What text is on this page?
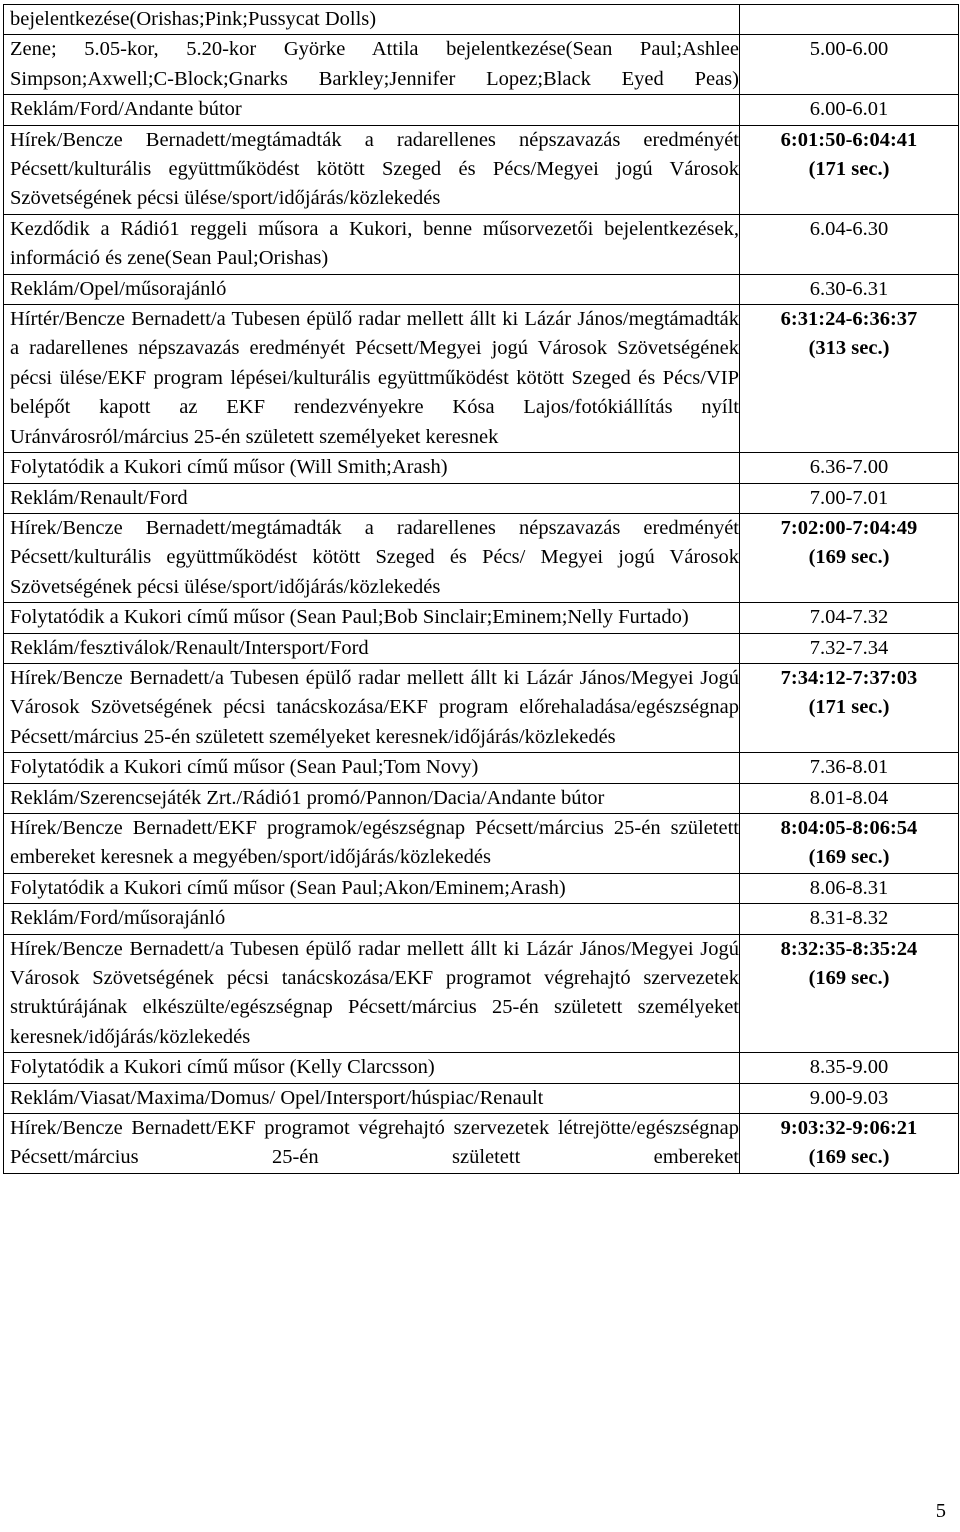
bejelentkezése(Orishas;Pink;Pussycat Dolls)	
Zene; 5.05-kor, 5.20-kor Györke Attila bejelentkezése(Sean Paul;Ashlee Simpson;Axwell;C-Block;Gnarks Barkley;Jennifer Lopez;Black Eyed Peas)	5.00-6.00
Reklám/Ford/Andante bútor	6.00-6.01
Hírek/Bencze Bernadett/megtámadták a radarellenes népszavazás eredményét Pécsett/kulturális együttműködést kötött Szeged és Pécs/Megyei jogú Városok Szövetségének pécsi ülése/sport/időjárás/közlekedés	6:01:50-6:04:41
(171 sec.)

Kezdődik a Rádió1 reggeli műsora a Kukori, benne műsorvezetői bejelentkezések, információ és zene(Sean Paul;Orishas)	6.04-6.30
Reklám/Opel/műsorajánló	6.30-6.31
Hírtér/Bencze Bernadett/a Tubesen épülő radar mellett állt ki Lázár János/megtámadták a radarellenes népszavazás eredményét Pécsett/Megyei jogú Városok Szövetségének pécsi ülése/EKF program lépései/kulturális együttműködést kötött Szeged és Pécs/VIP belépőt kapott az EKF rendezvényekre Kósa Lajos/fotókiállítás nyílt Uránvárosról/március 25-én született személyeket keresnek	6:31:24-6:36:37
(313 sec.)

Folytatódik a Kukori című műsor (Will Smith;Arash)	6.36-7.00
Reklám/Renault/Ford	7.00-7.01
Hírek/Bencze Bernadett/megtámadták a radarellenes népszavazás eredményét Pécsett/kulturális együttműködést kötött Szeged és Pécs/ Megyei jogú Városok Szövetségének pécsi ülése/sport/időjárás/közlekedés	7:02:00-7:04:49
(169 sec.)

Folytatódik a Kukori című műsor (Sean Paul;Bob Sinclair;Eminem;Nelly Furtado)	7.04-7.32
Reklám/fesztiválok/Renault/Intersport/Ford	7.32-7.34
Hírek/Bencze Bernadett/a Tubesen épülő radar mellett állt ki Lázár János/Megyei Jogú Városok Szövetségének pécsi tanácskozása/EKF program előrehaladása/egészségnap Pécsett/március 25-én született személyeket keresnek/időjárás/közlekedés	7:34:12-7:37:03
(171 sec.)

Folytatódik a Kukori című műsor (Sean Paul;Tom Novy)	7.36-8.01
Reklám/Szerencsejáték Zrt./Rádió1 promó/Pannon/Dacia/Andante bútor	8.01-8.04
Hírek/Bencze Bernadett/EKF programok/egészségnap Pécsett/március 25-én született embereket keresnek a megyében/sport/időjárás/közlekedés	8:04:05-8:06:54
(169 sec.)

Folytatódik a Kukori című műsor (Sean Paul;Akon/Eminem;Arash)	8.06-8.31
Reklám/Ford/műsorajánló	8.31-8.32
Hírek/Bencze Bernadett/a Tubesen épülő radar mellett állt ki Lázár János/Megyei Jogú Városok Szövetségének pécsi tanácskozása/EKF programot végrehajtó szervezetek struktúrájának elkészülte/egészségnap Pécsett/március 25-én született személyeket keresnek/időjárás/közlekedés	8:32:35-8:35:24
(169 sec.)

Folytatódik a Kukori című műsor (Kelly Clarcsson)	8.35-9.00
Reklám/Viasat/Maxima/Domus/ Opel/Intersport/húspiac/Renault	9.00-9.03
Hírek/Bencze Bernadett/EKF programot végrehajtó szervezetek létrejötte/egészségnap Pécsett/március 25-én született embereket	9:03:32-9:06:21
(169 sec.)
5
